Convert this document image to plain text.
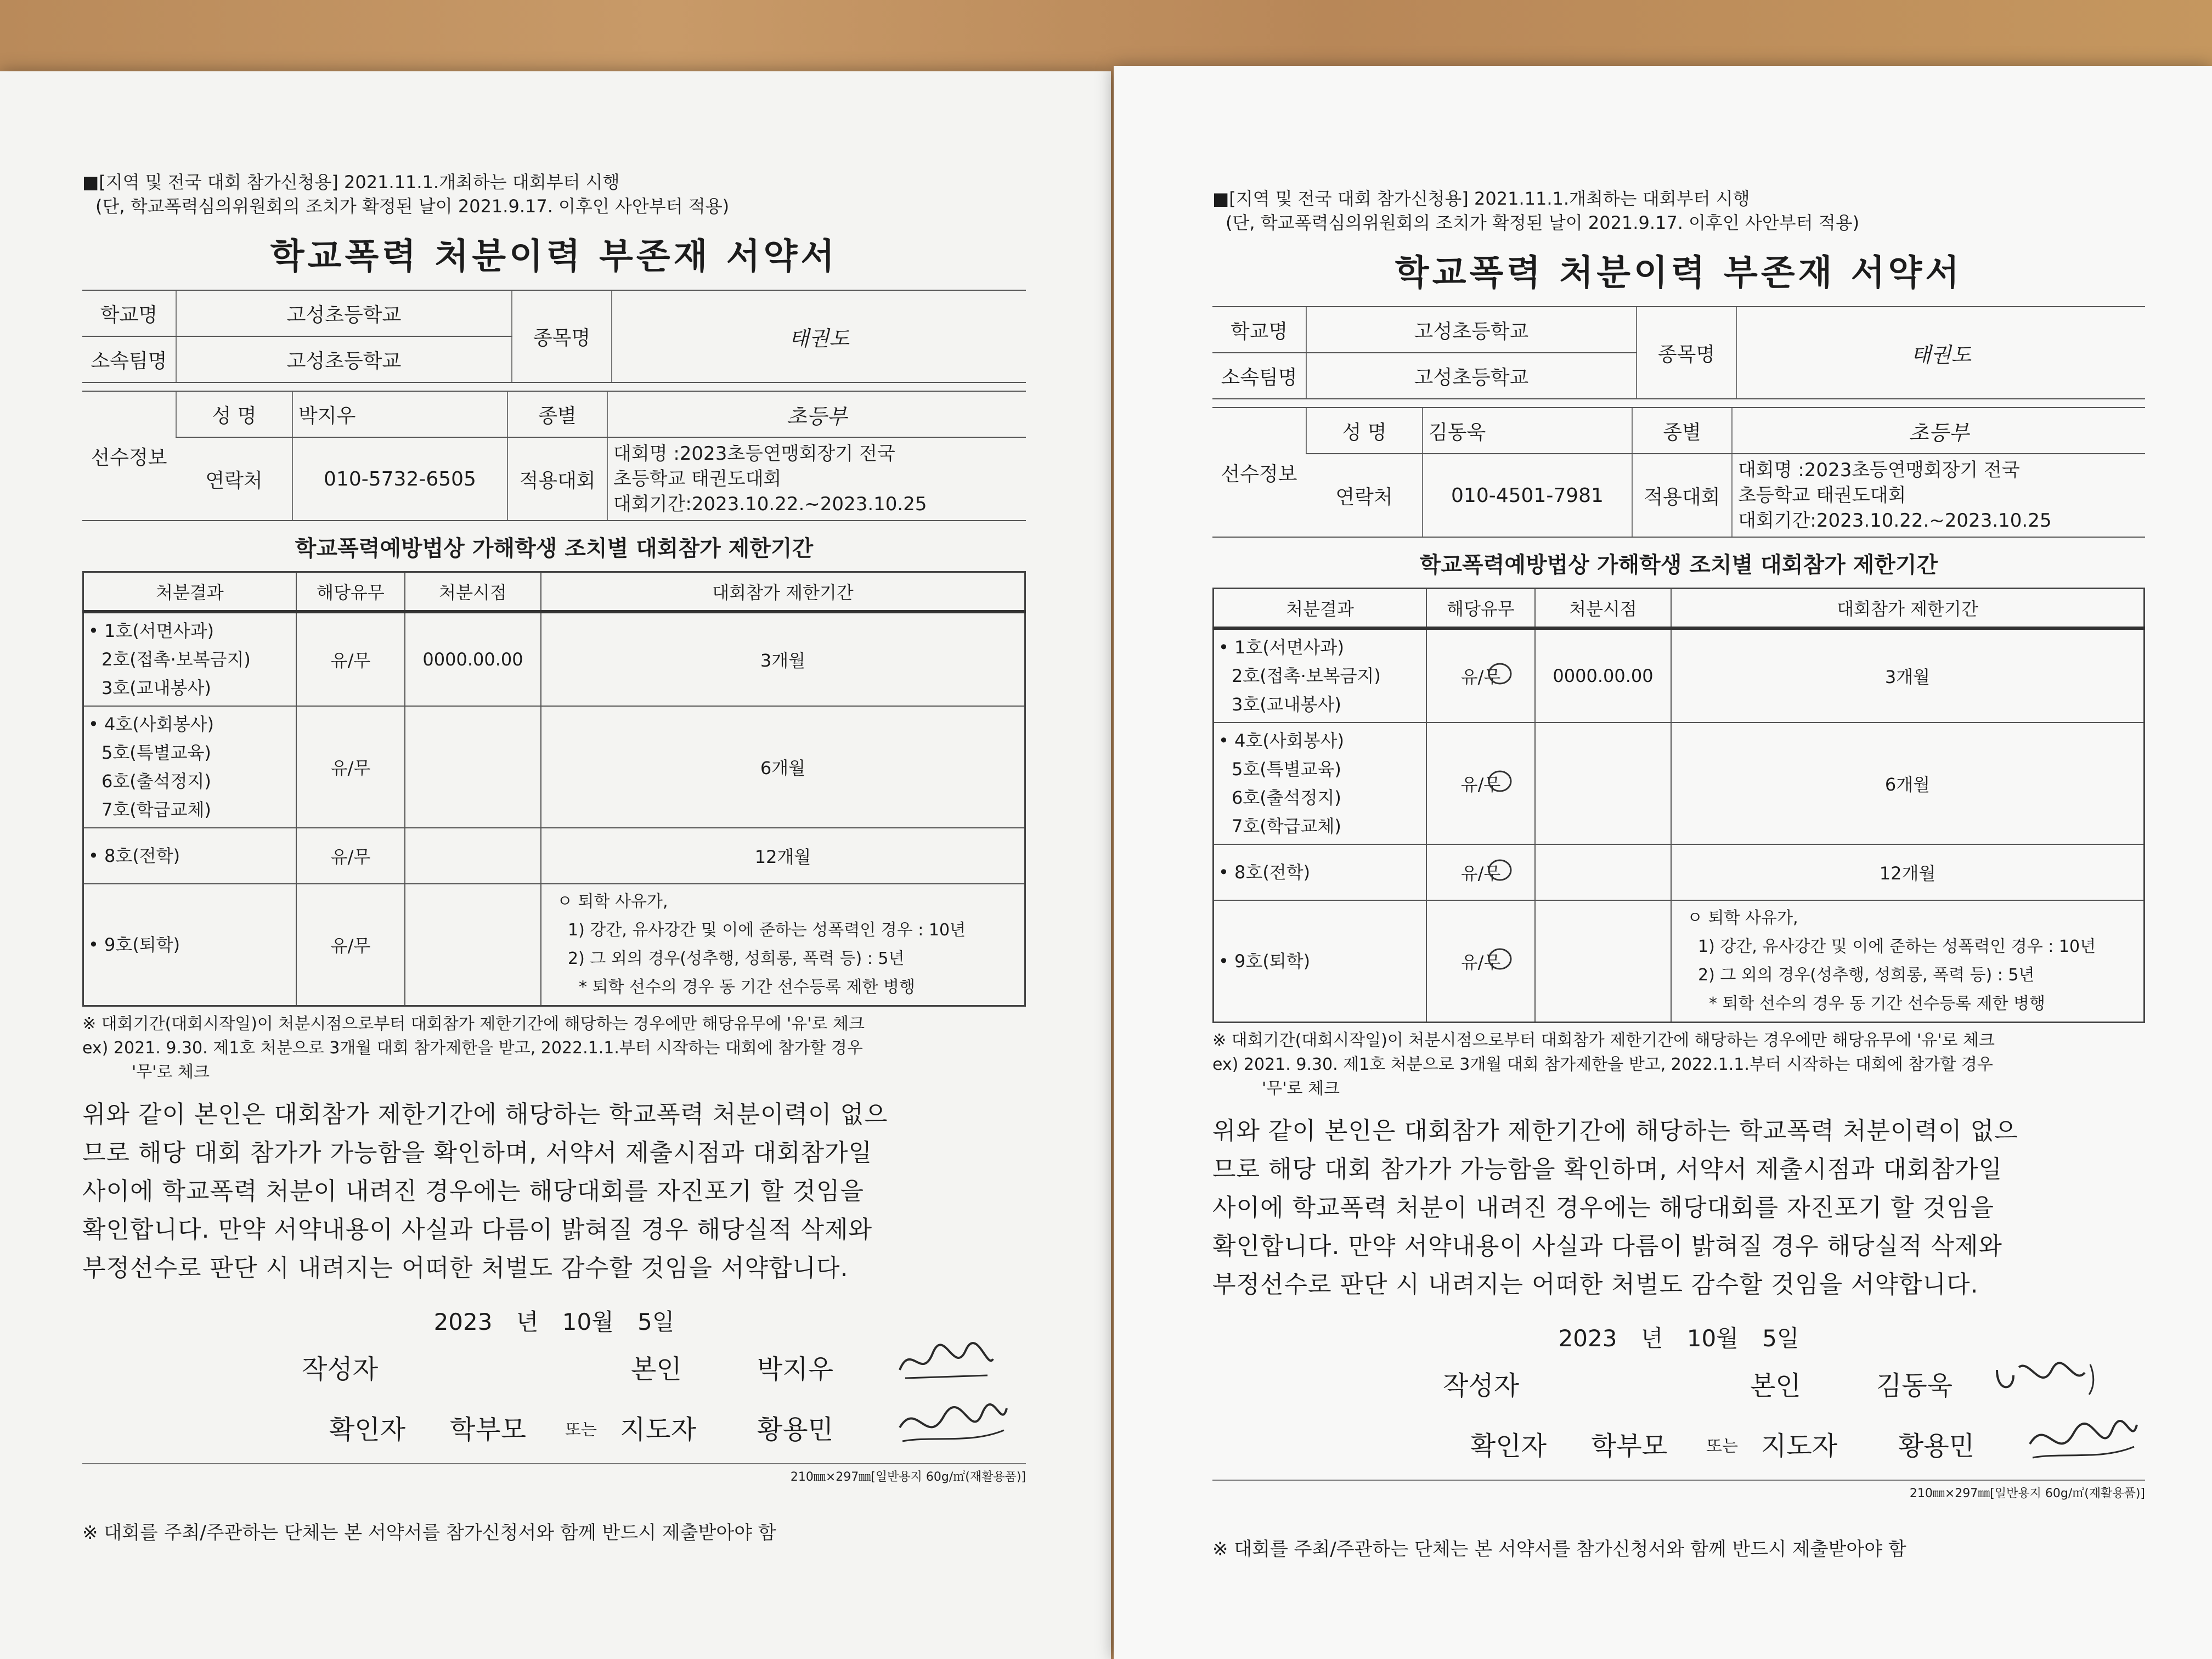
■[지역 및 전국 대회 참가신청용] 2021.11.1.개최하는 대회부터 시행
(단, 학교폭력심의위원회의 조치가 확정된 날이 2021.9.17. 이후인 사안부터 적용)
학교폭력 처분이력 부존재 서약서
학교명	고성초등학교	종목명	태권도
소속팀명	고성초등학교		
선수정보	성 명	박지우	종별	초등부
	연락처	010-5732-6505	적용대회	대회명 :2023초등연맹회장기 전국
초등학교 태권도대회
대회기간:2023.10.22.~2023.10.25
학교폭력예방법상 가해학생 조치별 대회참가 제한기간
처분결과	해당유무	처분시점	대회참가 제한기간

• 1호(서면사과)
2호(접촉·보복금지)
3호(교내봉사)	유/무	0000.00.00	3개월

• 4호(사회봉사)
5호(특별교육)
6호(출석정지)
7호(학급교체)	유/무		6개월

• 8호(전학)	유/무		12개월

• 9호(퇴학)	유/무		ㅇ 퇴학 사유가,
1) 강간, 유사강간 및 이에 준하는 성폭력인 경우 : 10년
2) 그 외의 경우(성추행, 성희롱, 폭력 등) : 5년
* 퇴학 선수의 경우 동 기간 선수등록 제한 병행
※ 대회기간(대회시작일)이 처분시점으로부터 대회참가 제한기간에 해당하는 경우에만 해당유무에 '유'로 체크
ex) 2021. 9.30. 제1호 처분으로 3개월 대회 참가제한을 받고, 2022.1.1.부터 시작하는 대회에 참가할 경우
'무'로 체크
위와 같이 본인은 대회참가 제한기간에 해당하는 학교폭력 처분이력이 없으
므로 해당 대회 참가가 가능함을 확인하며, 서약서 제출시점과 대회참가일
사이에 학교폭력 처분이 내려진 경우에는 해당대회를 자진포기 할 것임을
확인합니다. 만약 서약내용이 사실과 다름이 밝혀질 경우 해당실적 삭제와
부정선수로 판단 시 내려지는 어떠한 처벌도 감수할 것임을 서약합니다.
2023 년 10월 5일
작성자	본인	박지우
확인자 학부모 또는 지도자 황용민
210㎜×297㎜[일반용지 60g/㎡(재활용품)]
※ 대회를 주최/주관하는 단체는 본 서약서를 참가신청서와 함께 반드시 제출받아야 함
■[지역 및 전국 대회 참가신청용] 2021.11.1.개최하는 대회부터 시행
(단, 학교폭력심의위원회의 조치가 확정된 날이 2021.9.17. 이후인 사안부터 적용)
학교폭력 처분이력 부존재 서약서
학교명	고성초등학교	종목명	태권도
소속팀명	고성초등학교		
선수정보	성 명	김동욱	종별	초등부
	연락처	010-4501-7981	적용대회	대회명 :2023초등연맹회장기 전국
초등학교 태권도대회
대회기간:2023.10.22.~2023.10.25
학교폭력예방법상 가해학생 조치별 대회참가 제한기간
처분결과	해당유무	처분시점	대회참가 제한기간

• 1호(서면사과)
2호(접촉·보복금지)
3호(교내봉사)	유/무	0000.00.00	3개월

• 4호(사회봉사)
5호(특별교육)
6호(출석정지)
7호(학급교체)	유/무		6개월

• 8호(전학)	유/무		12개월

• 9호(퇴학)	유/무		ㅇ 퇴학 사유가,
1) 강간, 유사강간 및 이에 준하는 성폭력인 경우 : 10년
2) 그 외의 경우(성추행, 성희롱, 폭력 등) : 5년
* 퇴학 선수의 경우 동 기간 선수등록 제한 병행
※ 대회기간(대회시작일)이 처분시점으로부터 대회참가 제한기간에 해당하는 경우에만 해당유무에 '유'로 체크
ex) 2021. 9.30. 제1호 처분으로 3개월 대회 참가제한을 받고, 2022.1.1.부터 시작하는 대회에 참가할 경우
'무'로 체크
위와 같이 본인은 대회참가 제한기간에 해당하는 학교폭력 처분이력이 없으
므로 해당 대회 참가가 가능함을 확인하며, 서약서 제출시점과 대회참가일
사이에 학교폭력 처분이 내려진 경우에는 해당대회를 자진포기 할 것임을
확인합니다. 만약 서약내용이 사실과 다름이 밝혀질 경우 해당실적 삭제와
부정선수로 판단 시 내려지는 어떠한 처벌도 감수할 것임을 서약합니다.
2023 년 10월 5일
작성자	본인	김동욱
확인자 학부모 또는 지도자 황용민
210㎜×297㎜[일반용지 60g/㎡(재활용품)]
※ 대회를 주최/주관하는 단체는 본 서약서를 참가신청서와 함께 반드시 제출받아야 함
